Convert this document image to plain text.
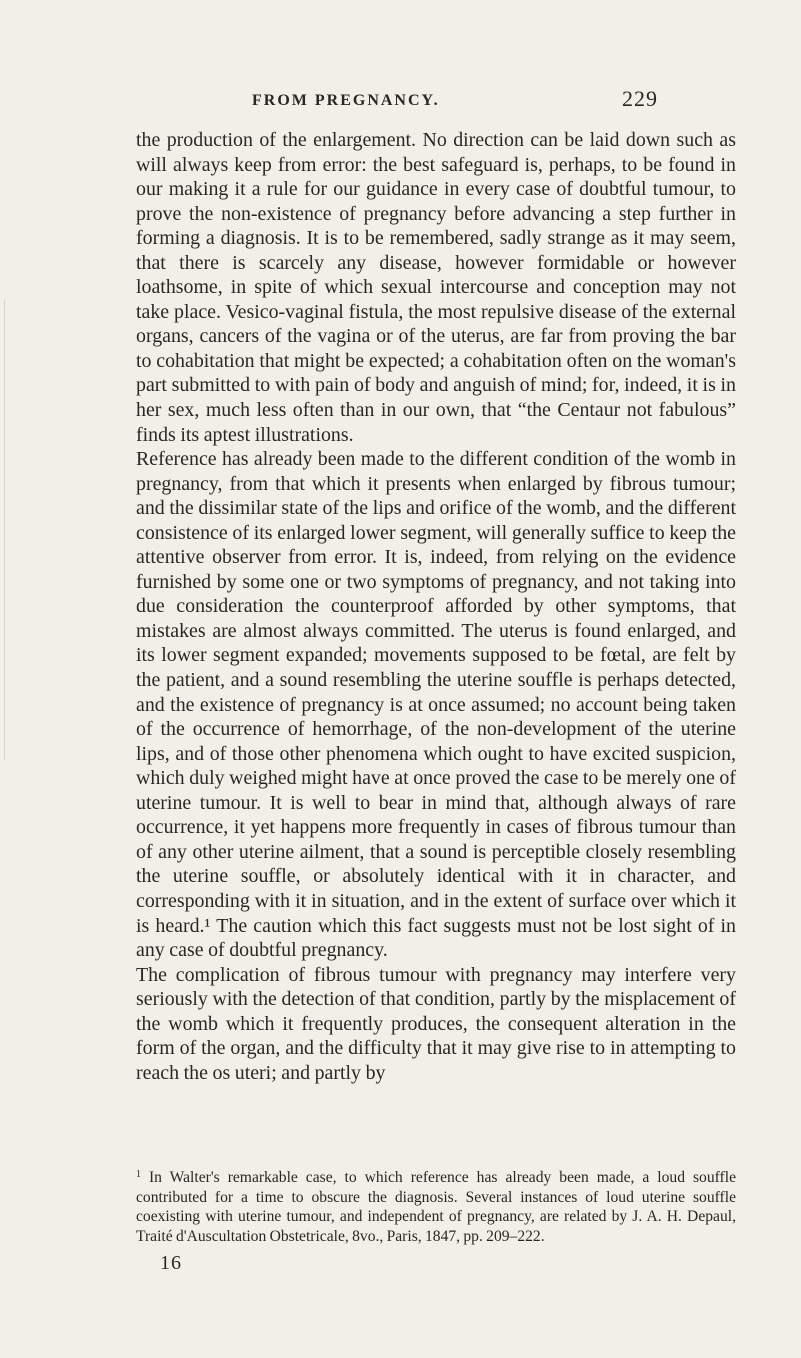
FROM PREGNANCY.	229
the production of the enlargement. No direction can be laid down such as will always keep from error: the best safeguard is, perhaps, to be found in our making it a rule for our guidance in every case of doubtful tumour, to prove the non-existence of pregnancy before advancing a step further in forming a diagnosis. It is to be remembered, sadly strange as it may seem, that there is scarcely any disease, however formidable or however loathsome, in spite of which sexual intercourse and conception may not take place. Vesico-vaginal fistula, the most repulsive disease of the external organs, cancers of the vagina or of the uterus, are far from proving the bar to cohabitation that might be expected; a cohabitation often on the woman's part submitted to with pain of body and anguish of mind; for, indeed, it is in her sex, much less often than in our own, that “the Centaur not fabulous” finds its aptest illustrations.
Reference has already been made to the different condition of the womb in pregnancy, from that which it presents when enlarged by fibrous tumour; and the dissimilar state of the lips and orifice of the womb, and the different consistence of its enlarged lower segment, will generally suffice to keep the attentive observer from error. It is, indeed, from relying on the evidence furnished by some one or two symptoms of pregnancy, and not taking into due consideration the counterproof afforded by other symptoms, that mistakes are almost always committed. The uterus is found enlarged, and its lower segment expanded; movements supposed to be fœtal, are felt by the patient, and a sound resembling the uterine souffle is perhaps detected, and the existence of pregnancy is at once assumed; no account being taken of the occurrence of hemorrhage, of the non-development of the uterine lips, and of those other phenomena which ought to have excited suspicion, which duly weighed might have at once proved the case to be merely one of uterine tumour. It is well to bear in mind that, although always of rare occurrence, it yet happens more frequently in cases of fibrous tumour than of any other uterine ailment, that a sound is perceptible closely resembling the uterine souffle, or absolutely identical with it in character, and corresponding with it in situation, and in the extent of surface over which it is heard.¹ The caution which this fact suggests must not be lost sight of in any case of doubtful pregnancy.
The complication of fibrous tumour with pregnancy may interfere very seriously with the detection of that condition, partly by the misplacement of the womb which it frequently produces, the consequent alteration in the form of the organ, and the difficulty that it may give rise to in attempting to reach the os uteri; and partly by
$^1$ In Walter's remarkable case, to which reference has already been made, a loud souffle contributed for a time to obscure the diagnosis. Several instances of loud uterine souffle coexisting with uterine tumour, and independent of pregnancy, are related by J. A. H. Depaul, Traité d'Auscultation Obstetricale, 8vo., Paris, 1847, pp. 209–222.
16
